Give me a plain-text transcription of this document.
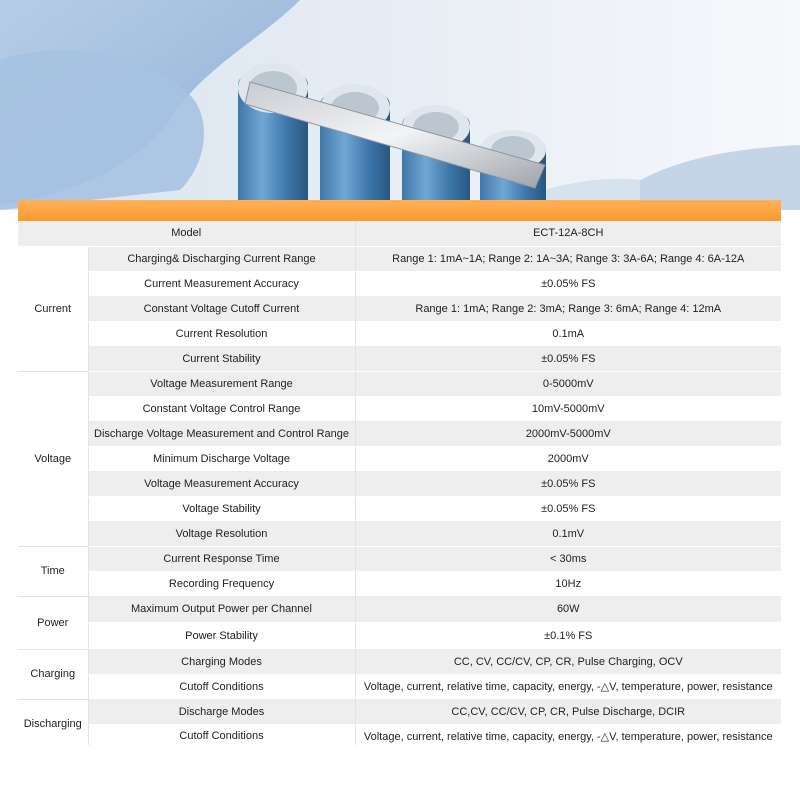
Model		ECT-12A-8CH
Current	Charging& Discharging Current Range	Range 1: 1mA~1A; Range 2: 1A~3A; Range 3: 3A-6A; Range 4: 6A-12A
	Current Measurement Accuracy	±0.05% FS
	Constant Voltage Cutoff Current	Range 1: 1mA; Range 2: 3mA; Range 3: 6mA; Range 4: 12mA
	Current Resolution	0.1mA
	Current Stability	±0.05% FS
Voltage	Voltage Measurement Range	0-5000mV
	Constant Voltage Control Range	10mV-5000mV
	Discharge Voltage Measurement and Control Range	2000mV-5000mV
	Minimum Discharge Voltage	2000mV
	Voltage Measurement Accuracy	±0.05% FS
	Voltage Stability	±0.05% FS
	Voltage Resolution	0.1mV
Time	Current Response Time	< 30ms
	Recording Frequency	10Hz
Power	Maximum Output Power per Channel	60W
	Power Stability	±0.1% FS
Charging	Charging Modes	CC, CV, CC/CV, CP, CR, Pulse Charging, OCV
	Cutoff Conditions	Voltage, current, relative time, capacity, energy, -△V, temperature, power, resistance
Discharging	Discharge Modes	CC,CV, CC/CV, CP, CR, Pulse Discharge, DCIR
	Cutoff Conditions	Voltage, current, relative time, capacity, energy, -△V, temperature, power, resistance
